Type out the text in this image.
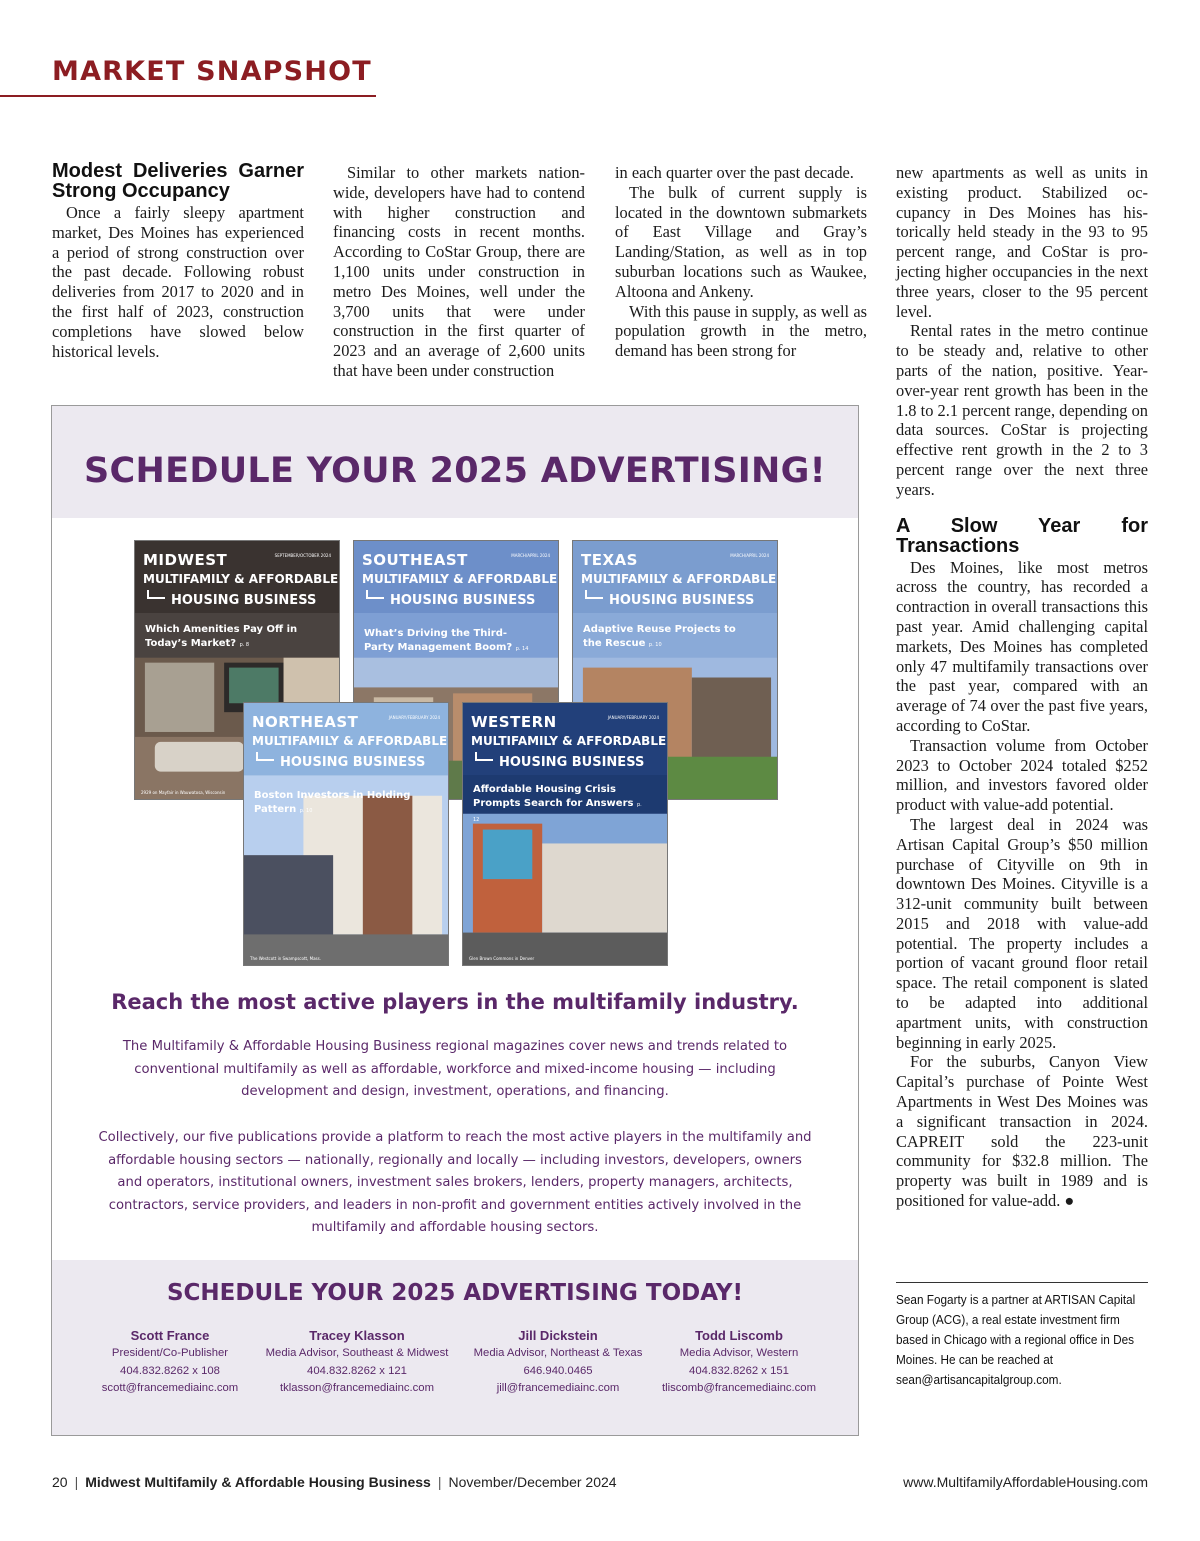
MARKET SNAPSHOT
Modest Deliveries Garner Strong Occupancy

Once a fairly sleepy apartment market, Des Moines has experienced a period of strong construction over the past decade. Following robust deliveries from 2017 to 2020 and in the first half of 2023, construction completions have slowed below historical levels.

Similar to other markets nationwide, developers have had to contend with higher construction and financing costs in recent months. According to CoStar Group, there are 1,100 units under construction in metro Des Moines, well under the 3,700 units that were under construction in the first quarter of 2023 and an average of 2,600 units that have been under construction

in each quarter over the past decade.

The bulk of current supply is located in the downtown submarkets of East Village and Gray’s Landing/Station, as well as in top suburban locations such as Waukee, Altoona and Ankeny.

With this pause in supply, as well as population growth in the metro, demand has been strong for

new apartments as well as units in existing product. Stabilized occupancy in Des Moines has historically held steady in the 93 to 95 percent range, and CoStar is projecting higher occupancies in the next three years, closer to the 95 percent level.

Rental rates in the metro continue to be steady and, relative to other parts of the nation, positive. Year-over-year rent growth has been in the 1.8 to 2.1 percent range, depending on data sources. CoStar is projecting effective rent growth in the 2 to 3 percent range over the next three years.

A Slow Year for Transactions

Des Moines, like most metros across the country, has recorded a contraction in overall transactions this past year. Amid challenging capital markets, Des Moines has completed only 47 multifamily transactions over the past year, compared with an average of 74 over the past five years, according to CoStar.

Transaction volume from October 2023 to October 2024 totaled $252 million, and investors favored older product with value-add potential.

The largest deal in 2024 was Artisan Capital Group’s $50 million purchase of Cityville on 9th in downtown Des Moines. Cityville is a 312-unit community built between 2015 and 2018 with value-add potential. The property includes a portion of vacant ground floor retail space. The retail component is slated to be adapted into additional apartment units, with construction beginning in early 2025.

For the suburbs, Canyon View Capital’s purchase of Pointe West Apartments in West Des Moines was a significant transaction in 2024. CAPREIT sold the 223-unit community for $32.8 million. The property was built in 1989 and is positioned for value-add. ●

Sean Fogarty is a partner at ARTISAN Capital Group (ACG), a real estate investment firm based in Chicago with a regional office in Des Moines. He can be reached at sean@artisancapitalgroup.com.
SCHEDULE YOUR 2025 ADVERTISING!
MIDWEST	SEPTEMBER/OCTOBER 2024
MULTIFAMILY & AFFORDABLE
HOUSING BUSINESS
Which Amenities Pay Off in Today’s Market? p. 8
2929 on Mayfair in Wauwatosa, Wisconsin
SOUTHEAST	MARCH/APRIL 2024
MULTIFAMILY & AFFORDABLE
HOUSING BUSINESS
What’s Driving the Third-Party Management Boom? p. 14
TEXAS	MARCH/APRIL 2024
MULTIFAMILY & AFFORDABLE
HOUSING BUSINESS
Adaptive Reuse Projects to the Rescue p. 10
NORTHEAST	JANUARY/FEBRUARY 2024
MULTIFAMILY & AFFORDABLE
HOUSING BUSINESS
Boston Investors in Holding Pattern p. 10
The Westcott in Swampscott, Mass.
WESTERN	JANUARY/FEBRUARY 2024
MULTIFAMILY & AFFORDABLE
HOUSING BUSINESS
Affordable Housing Crisis Prompts Search for Answers p. 12
Glen Brown Commons in Denver
Reach the most active players in the multifamily industry.
The Multifamily & Affordable Housing Business regional magazines cover news and trends related to conventional multifamily as well as affordable, workforce and mixed-income housing — including development and design, investment, operations, and financing.
Collectively, our five publications provide a platform to reach the most active players in the multifamily and affordable housing sectors — nationally, regionally and locally — including investors, developers, owners and operators, institutional owners, investment sales brokers, lenders, property managers, architects, contractors, service providers, and leaders in non-profit and government entities actively involved in the multifamily and affordable housing sectors.
SCHEDULE YOUR 2025 ADVERTISING TODAY!
Scott France
President/Co-Publisher
404.832.8262 x 108
scott@francemediainc.com
Tracey Klasson
Media Advisor, Southeast & Midwest
404.832.8262 x 121
tklasson@francemediainc.com
Jill Dickstein
Media Advisor, Northeast & Texas
646.940.0465
jill@francemediainc.com
Todd Liscomb
Media Advisor, Western
404.832.8262 x 151
tliscomb@francemediainc.com
20 | Midwest Multifamily & Affordable Housing Business | November/December 2024	www.MultifamilyAffordableHousing.com
